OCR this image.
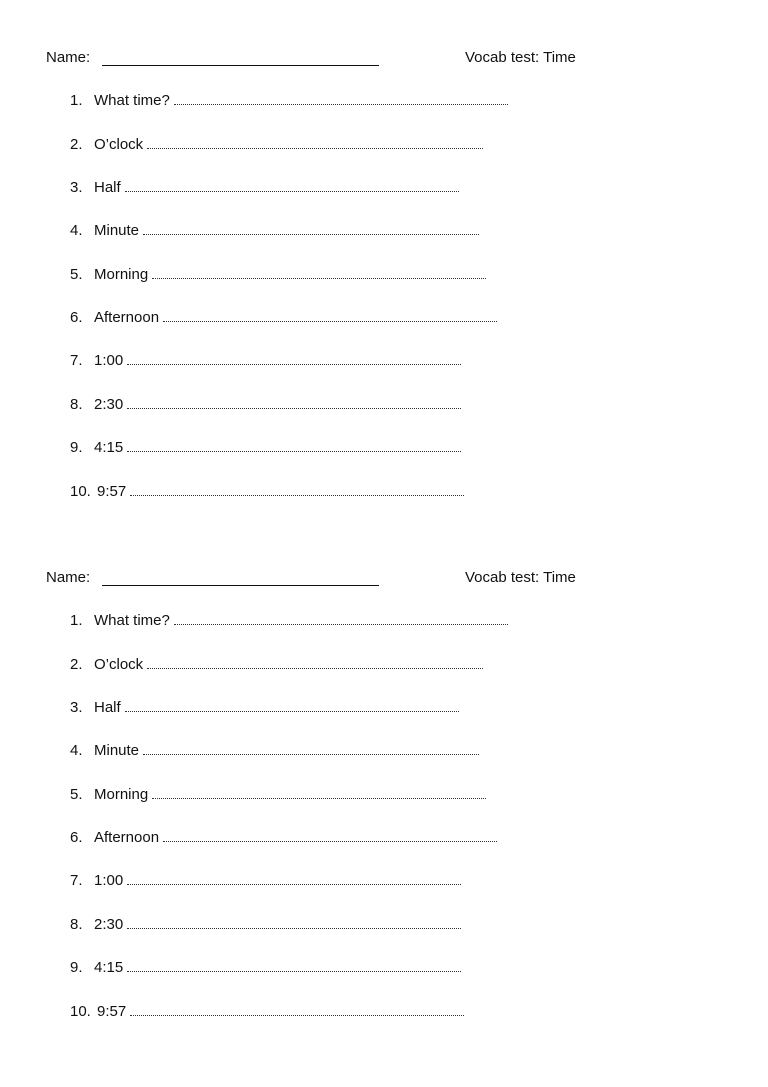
Name:	Vocab test: Time
1. What time?
2. O’clock
3. Half
4. Minute
5. Morning
6. Afternoon
7. 1:00
8. 2:30
9. 4:15
10. 9:57
Name:	Vocab test: Time
1. What time?
2. O’clock
3. Half
4. Minute
5. Morning
6. Afternoon
7. 1:00
8. 2:30
9. 4:15
10. 9:57
